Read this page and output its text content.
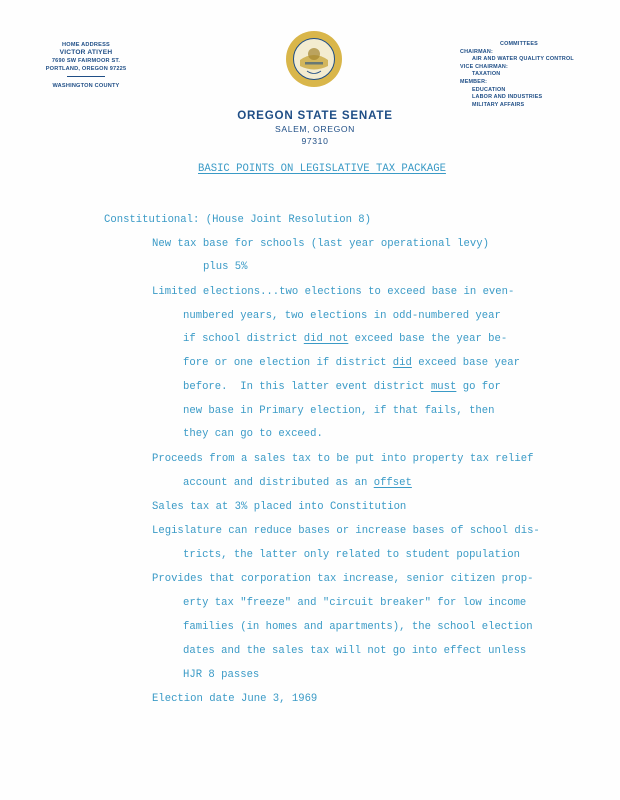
HOME ADDRESS
VICTOR ATIYEH
7690 SW FAIRMOOR ST.
PORTLAND, OREGON 97225
WASHINGTON COUNTY
COMMITTEES
CHAIRMAN:
AIR AND WATER QUALITY CONTROL
VICE CHAIRMAN:
TAXATION
MEMBER:
EDUCATION
LABOR AND INDUSTRIES
MILITARY AFFAIRS
OREGON STATE SENATE
SALEM, OREGON
97310
BASIC POINTS ON LEGISLATIVE TAX PACKAGE
Constitutional: (House Joint Resolution 8)
New tax base for schools (last year operational levy)
plus 5%
Limited elections...two elections to exceed base in even-
numbered years, two elections in odd-numbered year
if school district did not exceed base the year be-
fore or one election if district did exceed base year
before.  In this latter event district must go for
new base in Primary election, if that fails, then
they can go to exceed.
Proceeds from a sales tax to be put into property tax relief
account and distributed as an offset
Sales tax at 3% placed into Constitution
Legislature can reduce bases or increase bases of school dis-
tricts, the latter only related to student population
Provides that corporation tax increase, senior citizen prop-
erty tax "freeze" and "circuit breaker" for low income
families (in homes and apartments), the school election
dates and the sales tax will not go into effect unless
HJR 8 passes
Election date June 3, 1969
